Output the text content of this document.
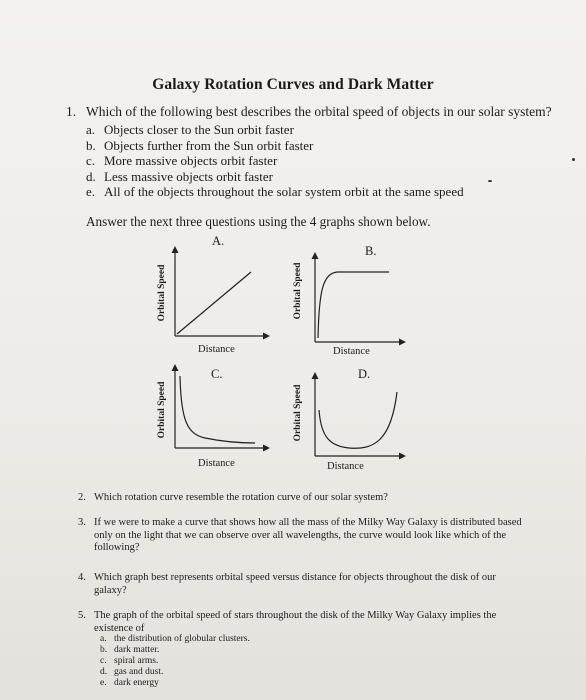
Galaxy Rotation Curves and Dark Matter
1. Which of the following best describes the orbital speed of objects in our solar system?
a. Objects closer to the Sun orbit faster
b. Objects further from the Sun orbit faster
c. More massive objects orbit faster
d. Less massive objects orbit faster
e. All of the objects throughout the solar system orbit at the same speed
Answer the next three questions using the 4 graphs shown below.
A.
Orbital Speed
Distance
B.
Orbital Speed
Distance
C.
Orbital Speed
Distance
D.
Orbital Speed
Distance
2. Which rotation curve resemble the rotation curve of our solar system?
3. If we were to make a curve that shows how all the mass of the Milky Way Galaxy is distributed based only on the light that we can observe over all wavelengths, the curve would look like which of the following?
4. Which graph best represents orbital speed versus distance for objects throughout the disk of our galaxy?
5. The graph of the orbital speed of stars throughout the disk of the Milky Way Galaxy implies the existence of
a. the distribution of globular clusters.
b. dark matter.
c. spiral arms.
d. gas and dust.
e. dark energy
